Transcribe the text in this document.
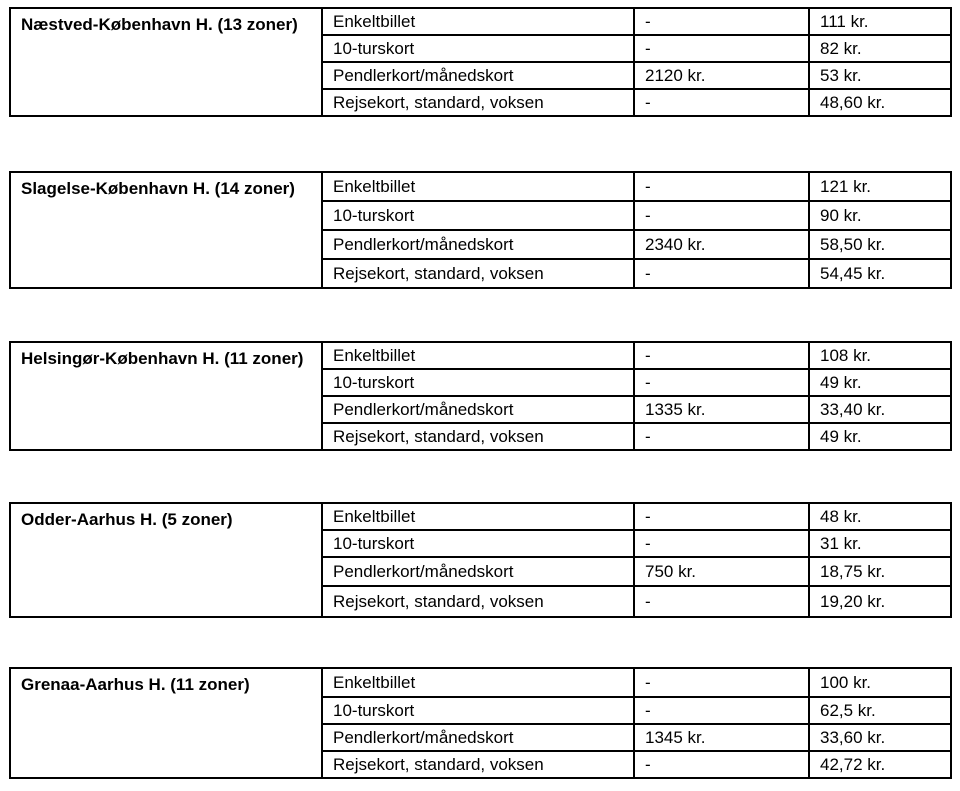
Næstved-København H. (13 zoner)	Enkeltbillet	-	111 kr.
	10-turskort	-	82 kr.
	Pendlerkort/månedskort	2120 kr.	53 kr.
	Rejsekort, standard, voksen	-	48,60 kr.
Slagelse-København H. (14 zoner)	Enkeltbillet	-	121 kr.
	10-turskort	-	90 kr.
	Pendlerkort/månedskort	2340 kr.	58,50 kr.
	Rejsekort, standard, voksen	-	54,45 kr.
Helsingør-København H. (11 zoner)	Enkeltbillet	-	108 kr.
	10-turskort	-	49 kr.
	Pendlerkort/månedskort	1335 kr.	33,40 kr.
	Rejsekort, standard, voksen	-	49 kr.
Odder-Aarhus H. (5 zoner)	Enkeltbillet	-	48 kr.
	10-turskort	-	31 kr.
	Pendlerkort/månedskort	750 kr.	18,75 kr.
	Rejsekort, standard, voksen	-	19,20 kr.
Grenaa-Aarhus H. (11 zoner)	Enkeltbillet	-	100 kr.
	10-turskort	-	62,5 kr.
	Pendlerkort/månedskort	1345 kr.	33,60 kr.
	Rejsekort, standard, voksen	-	42,72 kr.
